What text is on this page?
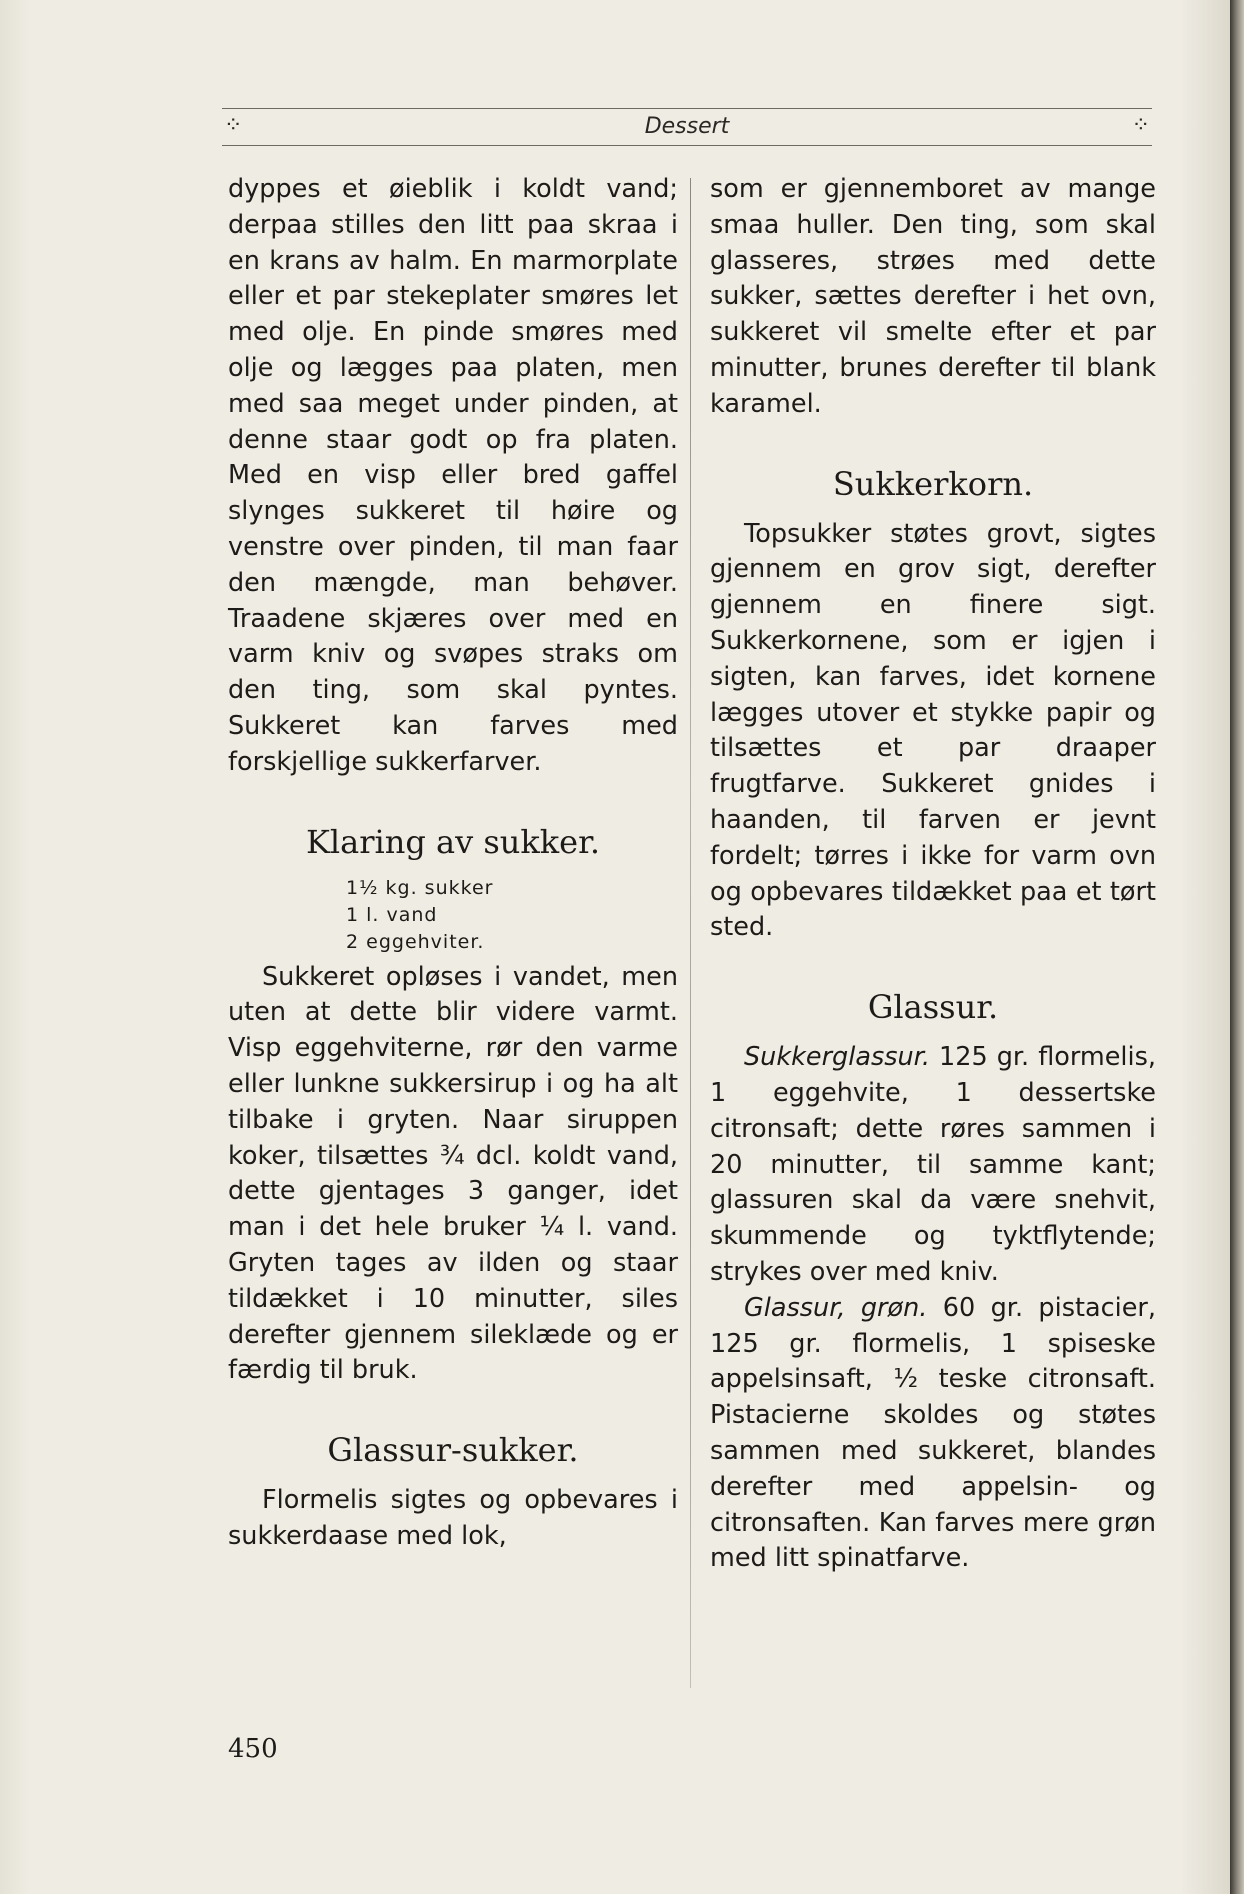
⁘	Dessert	⁘

dyppes et øieblik i koldt vand; derpaa stilles den litt paa skraa i en krans av halm. En marmorplate eller et par stekeplater smøres let med olje. En pinde smøres med olje og lægges paa platen, men med saa meget under pinden, at denne staar godt op fra platen. Med en visp eller bred gaffel slynges sukkeret til høire og venstre over pinden, til man faar den mængde, man behøver. Traadene skjæres over med en varm kniv og svøpes straks om den ting, som skal pyntes. Sukkeret kan farves med forskjellige sukkerfarver.

Klaring av sukker.
1½ kg. sukker
1 l. vand
2 eggehviter.

Sukkeret opløses i vandet, men uten at dette blir videre varmt. Visp eggehviterne, rør den varme eller lunkne sukkersirup i og ha alt tilbake i gryten. Naar siruppen koker, tilsættes ¾ dcl. koldt vand, dette gjentages 3 ganger, idet man i det hele bruker ¼ l. vand. Gryten tages av ilden og staar tildækket i 10 minutter, siles derefter gjennem sileklæde og er færdig til bruk.

Glassur-sukker.

Flormelis sigtes og opbevares i sukkerdaase med lok,

som er gjennemboret av mange smaa huller. Den ting, som skal glasseres, strøes med dette sukker, sættes derefter i het ovn, sukkeret vil smelte efter et par minutter, brunes derefter til blank karamel.

Sukkerkorn.

Topsukker støtes grovt, sigtes gjennem en grov sigt, derefter gjennem en finere sigt. Sukkerkornene, som er igjen i sigten, kan farves, idet kornene lægges utover et stykke papir og tilsættes et par draaper frugtfarve. Sukkeret gnides i haanden, til farven er jevnt fordelt; tørres i ikke for varm ovn og opbevares tildækket paa et tørt sted.

Glassur.

Sukkerglassur. 125 gr. flormelis, 1 eggehvite, 1 dessertske citronsaft; dette røres sammen i 20 minutter, til samme kant; glassuren skal da være snehvit, skummende og tyktflytende; strykes over med kniv.

Glassur, grøn. 60 gr. pistacier, 125 gr. flormelis, 1 spiseske appelsinsaft, ½ teske citronsaft. Pistacierne skoldes og støtes sammen med sukkeret, blandes derefter med appelsin- og citronsaften. Kan farves mere grøn med litt spinatfarve.

450
